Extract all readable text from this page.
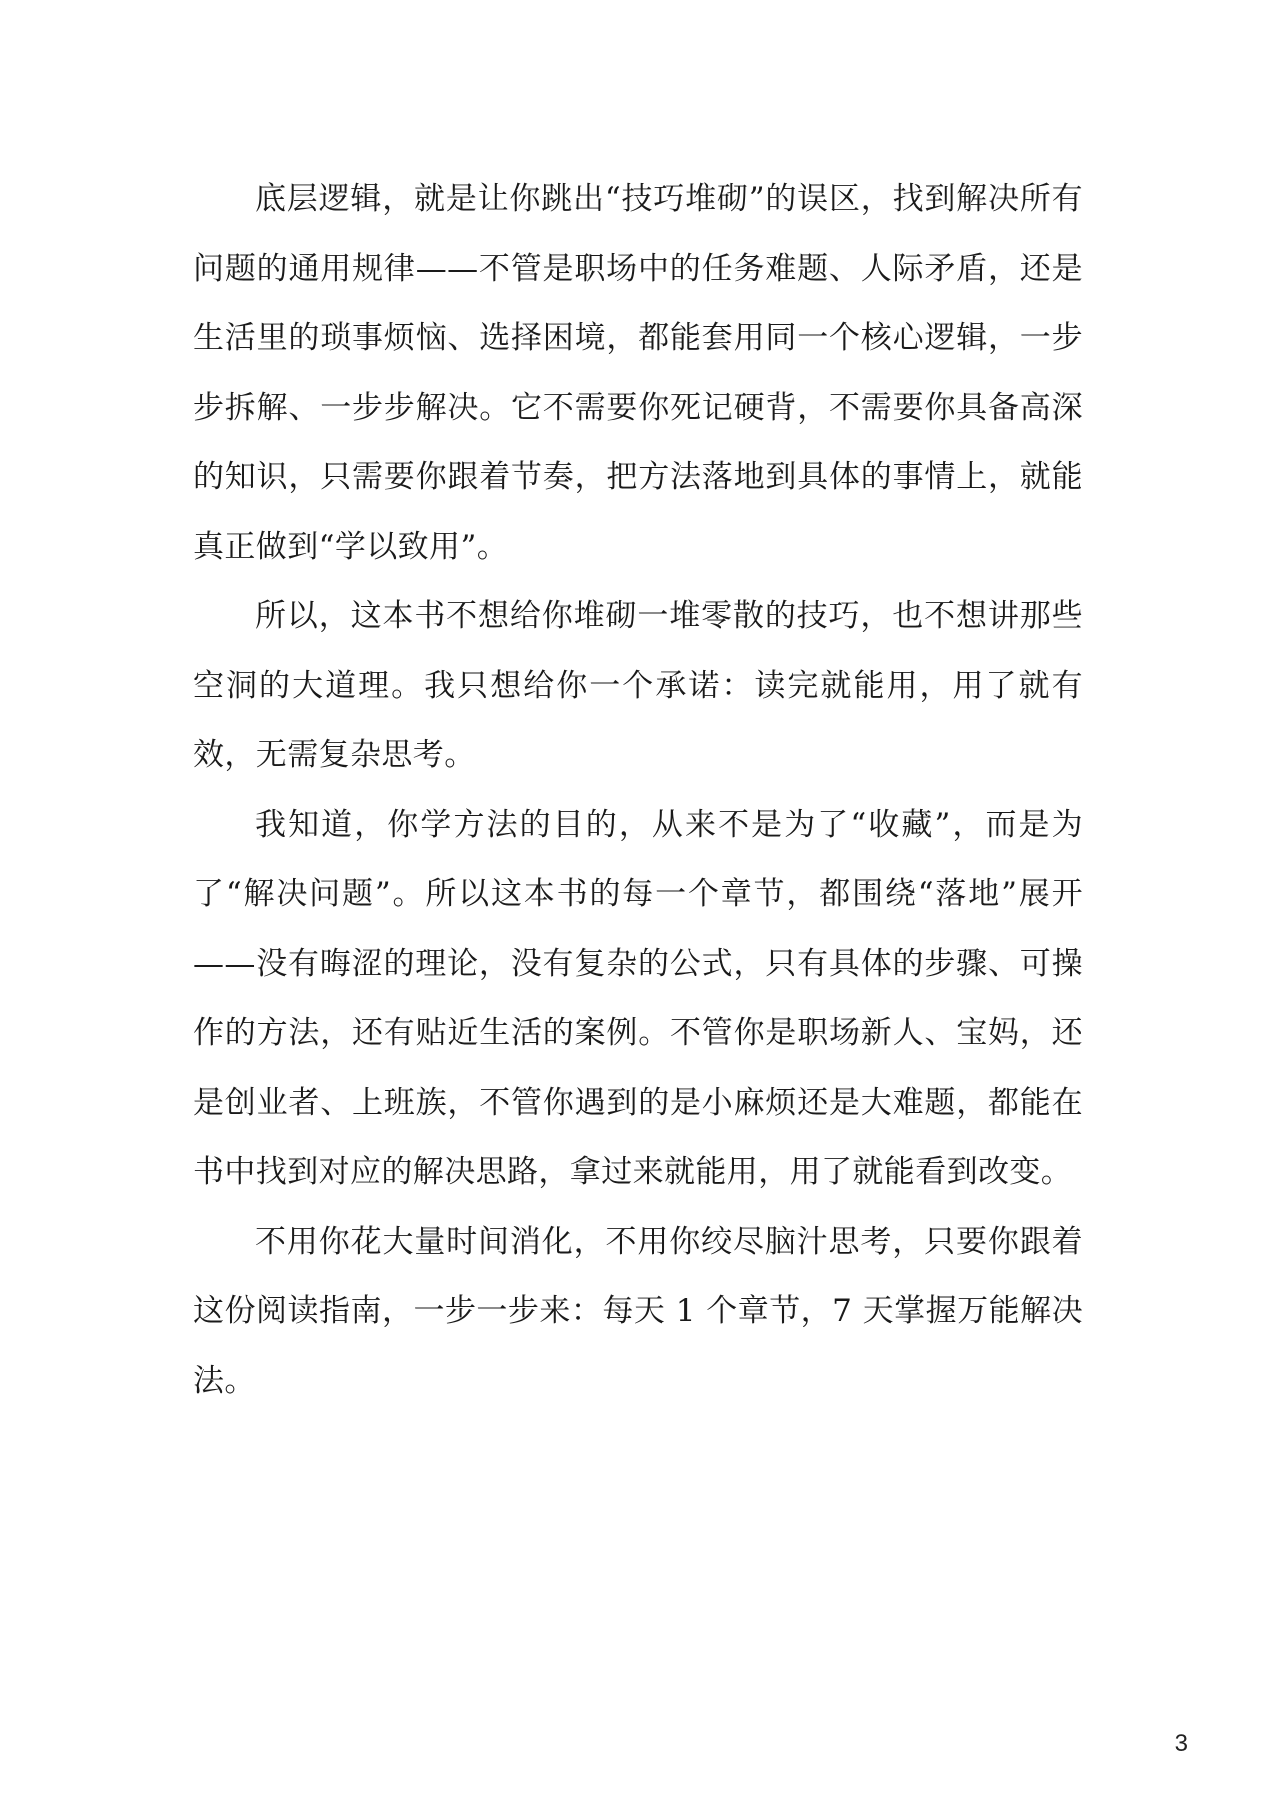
底层逻辑，就是让你跳出“技巧堆砌”的误区，找到解决所有问题的通用规律——不管是职场中的任务难题、人际矛盾，还是生活里的琐事烦恼、选择困境，都能套用同一个核心逻辑，一步步拆解、一步步解决。它不需要你死记硬背，不需要你具备高深的知识，只需要你跟着节奏，把方法落地到具体的事情上，就能真正做到“学以致用”。

所以，这本书不想给你堆砌一堆零散的技巧，也不想讲那些空洞的大道理。我只想给你一个承诺：读完就能用，用了就有效，无需复杂思考。

我知道，你学方法的目的，从来不是为了“收藏”，而是为了“解决问题”。所以这本书的每一个章节，都围绕“落地”展开——没有晦涩的理论，没有复杂的公式，只有具体的步骤、可操作的方法，还有贴近生活的案例。不管你是职场新人、宝妈，还是创业者、上班族，不管你遇到的是小麻烦还是大难题，都能在书中找到对应的解决思路，拿过来就能用，用了就能看到改变。

不用你花大量时间消化，不用你绞尽脑汁思考，只要你跟着这份阅读指南，一步一步来：每天 1 个章节，7 天掌握万能解决法。

3
